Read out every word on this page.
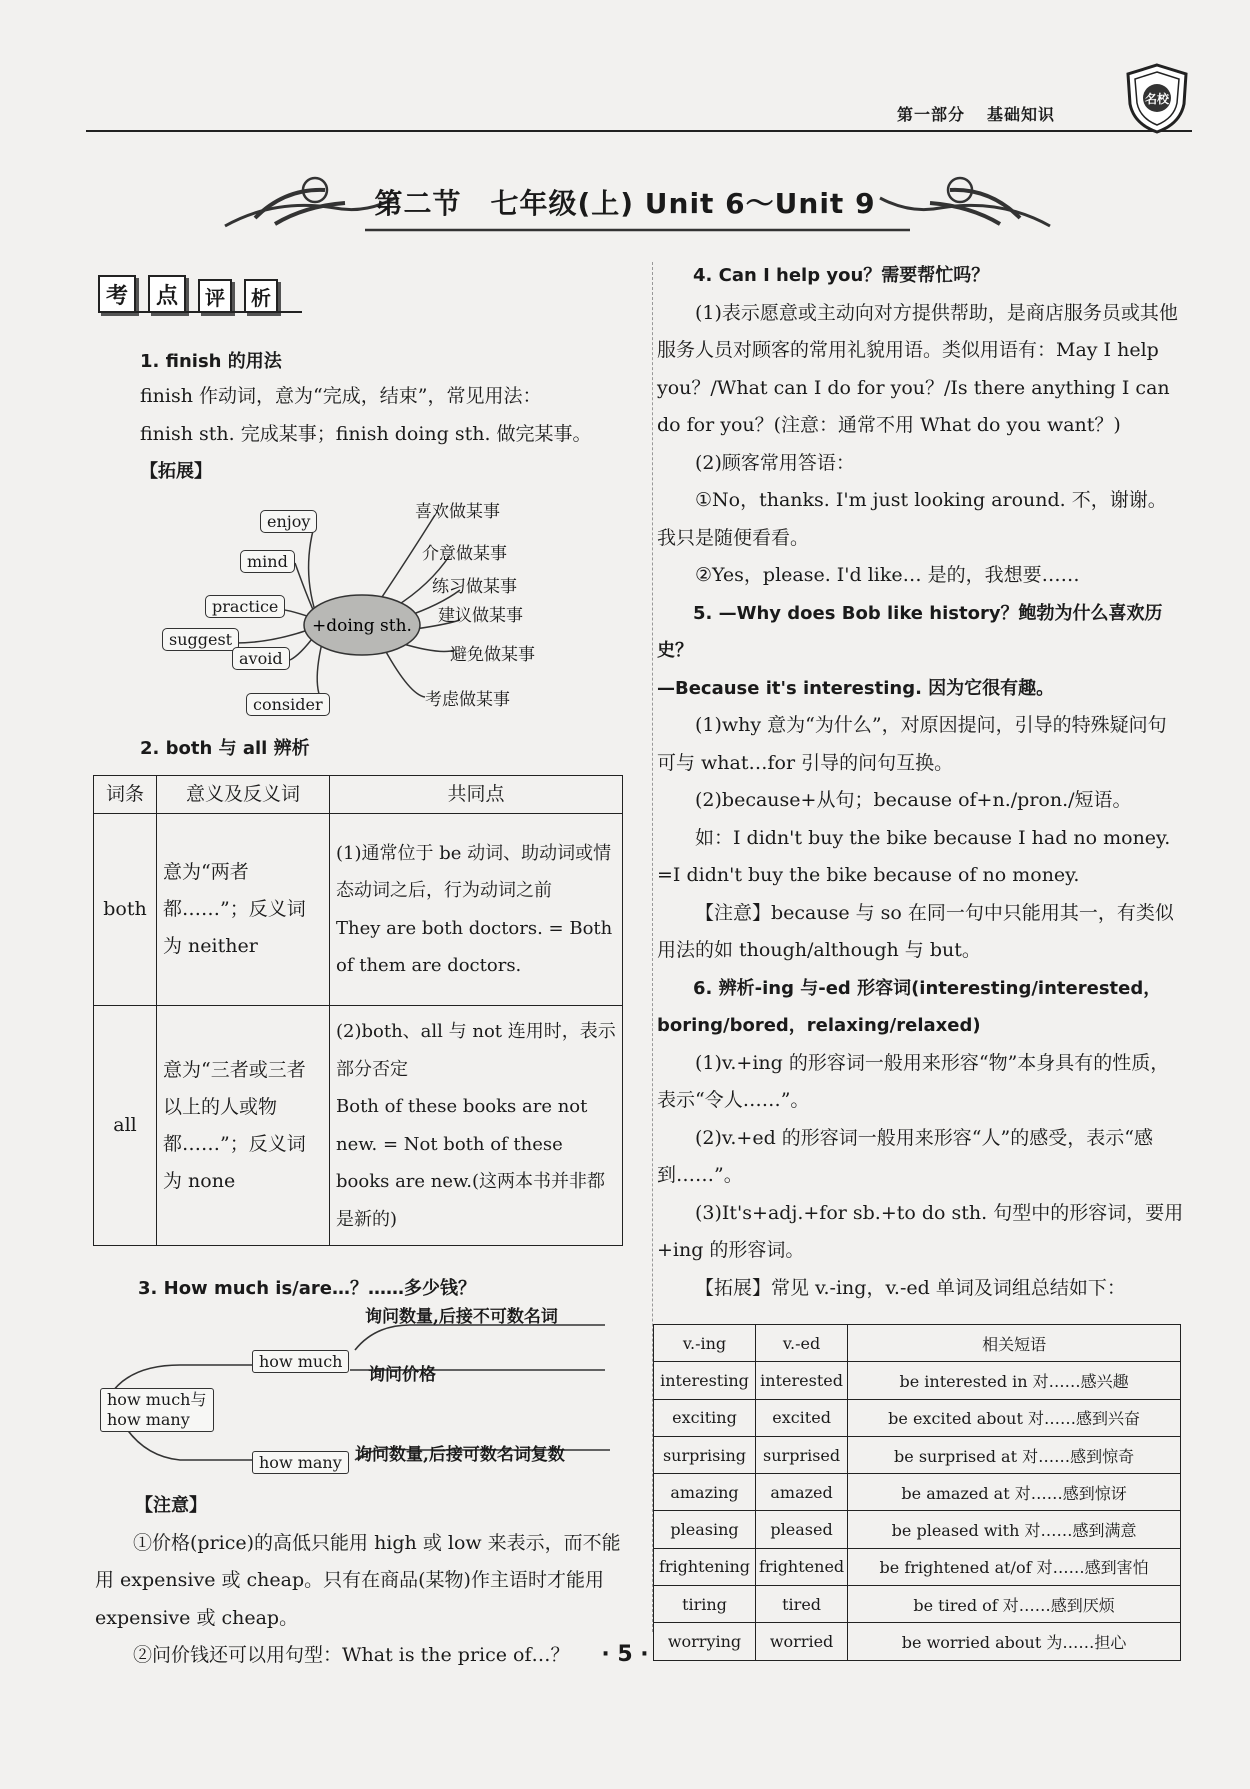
第一部分 基础知识
名校
第二节　七年级(上) Unit 6～Unit 9
考	点	评	析

1. finish 的用法

finish 作动词，意为“完成，结束”，常见用法：

finish sth. 完成某事；finish doing sth. 做完某事。

【拓展】

+doing sth.
enjoy
mind
practice
suggest
avoid
consider
喜欢做某事
介意做某事
练习做某事
建议做某事
避免做某事
考虑做某事

2. both 与 all 辨析

词条	意义及反义词	共同点
both	意为“两者都……”；反义词为 neither	(1)通常位于 be 动词、助动词或情态动词之后，行为动词之前
They are both doctors. = Both of them are doctors.

all	意为“三者或三者以上的人或物都……”；反义词为 none	(2)both、all 与 not 连用时，表示部分否定
Both of these books are not new. = Not both of these books are new.(这两本书并非都是新的)

3. How much is/are…？……多少钱？

how much与how many
how much
how many
询问数量,后接不可数名词
询问价格
询问数量,后接可数名词复数

【注意】

①价格(price)的高低只能用 high 或 low 来表示，而不能用 expensive 或 cheap。只有在商品(某物)作主语时才能用 expensive 或 cheap。

②问价钱还可以用句型：What is the price of…？

4. Can I help you？需要帮忙吗？

(1)表示愿意或主动向对方提供帮助，是商店服务员或其他服务人员对顾客的常用礼貌用语。类似用语有：May I help you？/What can I do for you？/Is there anything I can do for you？(注意：通常不用 What do you want？)

(2)顾客常用答语：

①No，thanks. I'm just looking around. 不，谢谢。我只是随便看看。

②Yes，please. I'd like… 是的，我想要……

5. —Why does Bob like history？鲍勃为什么喜欢历史？

—Because it's interesting. 因为它很有趣。

(1)why 意为“为什么”，对原因提问，引导的特殊疑问句可与 what…for 引导的问句互换。

(2)because+从句；because of+n./pron./短语。

如：I didn't buy the bike because I had no money. =I didn't buy the bike because of no money.

【注意】because 与 so 在同一句中只能用其一，有类似用法的如 though/although 与 but。

6. 辨析-ing 与-ed 形容词(interesting/interested，boring/bored，relaxing/relaxed)

(1)v.+ing 的形容词一般用来形容“物”本身具有的性质，表示“令人……”。

(2)v.+ed 的形容词一般用来形容“人”的感受，表示“感到……”。

(3)It's+adj.+for sb.+to do sth. 句型中的形容词，要用+ing 的形容词。

【拓展】常见 v.-ing，v.-ed 单词及词组总结如下：

v.-ing	v.-ed	相关短语
interesting	interested	be interested in 对……感兴趣
exciting	excited	be excited about 对……感到兴奋
surprising	surprised	be surprised at 对……感到惊奇
amazing	amazed	be amazed at 对……感到惊讶
pleasing	pleased	be pleased with 对……感到满意
frightening	frightened	be frightened at/of 对……感到害怕
tiring	tired	be tired of 对……感到厌烦
worrying	worried	be worried about 为……担心
· 5 ·
